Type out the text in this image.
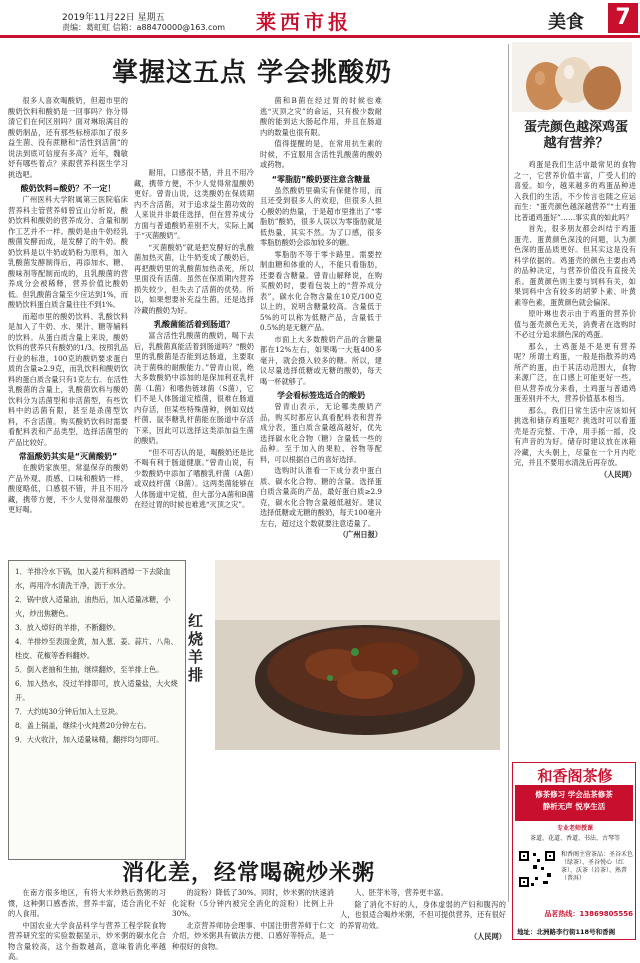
2019年11月22日 星期五
责编：葛虹虹 信箱：a88470000@163.com 莱西市报	美食	7
掌握这五点 学会挑酸奶

很多人喜欢喝酸奶，但超市里的酸奶饮料和酸奶是一回事吗？你分得清它们在何区别吗？面对琳琅满目的酸奶制品，还有那些标榜添加了很多益生菌、没有蔗糖和“活性到活菌”的说法到底可信度有多高？近年，魏敏妤有哪些着点？来跟营养科医生学习挑选吧。

酸奶饮料=酸奶？不一定！

广州医科大学附属第三医院临床营养科主管营养师曾宜山分析说，酸奶饮料和酸奶的营养成分、含量和制作工艺并不一样。酸奶是由牛奶经乳酸菌发酵而成，是发酵了的牛奶。酸奶饮料是以牛奶或奶粉为原料，加入乳酸菌发酵制得后，再添加水、糖、酸味剂等配制而成的，且乳酸菌的营养成分会被稀释，营养价值比酸奶低。但乳酸菌含量至少应达到1%，而酸奶饮料蛋白质含量往往不到1%。

而超市里的酸奶饮料、乳酸饮料是加入了牛奶、水、果汁、糖等辅料的饮料。从蛋白质含量上来说，酸奶饮料的营养只有酸奶的1/3。按照乳品行业的标准，100克的酸奶要求蛋白质的含量≥2.9克，而乳饮料和酸奶饮料的蛋白质含量只有1克左右。在活性乳酸菌的含量上，乳酸菌饮料与酸奶饮料分为活菌型和非活菌型，有些饮料中的活菌有限，甚至是杀菌型饮料，不含活菌。购买酸奶饮料时需要看配料表和产品类型，选择活菌型的产品比较好。

常温酸奶其实是“灭菌酸奶”

在酸奶家族里，常温保存的酸奶产品外观、质感、口味和酸奶一样，酸度略低，口感很不错，并且不用冷藏，携带方便，不少人觉得常温酸奶更好喝。

耐用，口感很不错，并且不用冷藏，携带方便，不少人觉得常温酸奶更好。曾青山说，这类酸奶在保质期内不含活菌，对于追求益生菌功效的人来说并非最佳选择，但在营养成分方面与普通酸奶差别不大，实际上属于“灭菌酸奶”。

“灭菌酸奶”就是把发酵好的乳酸菌加热灭菌，让牛奶变成了酸奶后，再把酸奶里的乳酸菌加热杀死，所以里面没有活菌。虽然在保质期内营养损失较少，但失去了活菌的优势。所以，如果想要补充益生菌，还是选择冷藏的酸奶为好。

乳酸菌能活着到肠道？

富含活性乳酸菌的酸奶，喝下去后，乳酸菌真能活着到肠道吗？“酸奶里的乳酸菌是否能到达肠道，主要取决于菌株的耐酸能力。”曾青山说，绝大多数酸奶中添加的是保加利亚乳杆菌（L菌）和嗜热链球菌（S菌），它们不是人体肠道定植菌，很难在肠道内存活，但某些特殊菌种，例如双歧杆菌、鼠李糖乳杆菌能在肠道中存活下来，因此可以选择这类添加益生菌的酸奶。

“但不可否认的是，喝酸奶还是比不喝有利于肠道健康。”曾青山说，有少数酸奶中添加了嗜酸乳杆菌（A菌）或双歧杆菌（B菌）。这两类菌能够在人体肠道中定植，但大部分A菌和B菌在经过胃的时候也难逃“灭顶之灾”。

菌和B菌在经过胃的时候也难逃“灭顶之灾”的命运，只有极少数耐酸的能到达大肠起作用，并且在肠道内的数量也很有限。

值得提醒的是，在常用抗生素的时候，不宜服用含活性乳酸菌的酸奶或药物。

“零脂肪”酸奶要注意含糖量

虽然酸奶里确实有保健作用，而且还受到很多人的欢迎，但很多人担心酸奶的热量，于是超市里推出了“零脂肪”酸奶，很多人误以为零脂肪就是低热量，其实不然。为了口感，很多零脂肪酸奶会添加较多的糖。

零脂肪不等于零卡路里。需要控制血糖和体重的人，不能只看脂肪，还要看含糖量。曾青山解释说，在购买酸奶时，要看包装上的“营养成分表”，碳水化合物含量在10克/100克以上的，说明含糖量较高。含量低于5%的可以称为低糖产品，含量低于0.5%的是无糖产品。

市面上大多数酸奶产品的含糖量都在12%左右，如果喝一大瓶400多毫升，就会摄入较多的糖。所以，建议尽量选择低糖或无糖的酸奶，每天喝一杯就够了。

学会看标签选适合的酸奶

曾青山表示，无论哪类酸奶产品，购买时都应认真看配料表和营养成分表，蛋白质含量越高越好，优先选择碳水化合物（糖）含量低一些的品种。至于加入的果粒、谷物等配料，可以根据自己的喜好选择。

选购时认准看一下成分表中蛋白质、碳水化合物、糖的含量。选择蛋白质含量高的产品，最好蛋白质≥2.9克，碳水化合物含量越低越好。建议选择低糖或无糖的酸奶，每天100毫升左右，超过这个数就要注意适量了。

（广州日报）

蛋壳颜色越深鸡蛋越有营养？

鸡蛋是我们生活中最常见的食物之一，它营养价值丰富，广受人们的喜爱。如今，越来越多的鸡蛋品种进入我们的生活，不少传言也随之应运而生：“蛋壳颜色越深越营养”“土鸡蛋比普通鸡蛋好”……事实真的如此吗？

首先，很多朋友都会纠结于鸡蛋蛋壳、蛋黄颜色深浅的问题，认为颜色深的蛋品质更好。但其实这是没有科学依据的。鸡蛋壳的颜色主要由鸡的品种决定，与营养价值没有直接关系。蛋黄颜色则主要与饲料有关，如果饲料中含有较多的胡萝卜素、叶黄素等色素，蛋黄颜色就会偏深。

原叶琳也表示由于鸡蛋的营养价值与蛋壳颜色无关，消费者在选购时不必过分追求颜色深的鸡蛋。

那么，土鸡蛋是不是更有营养呢？所谓土鸡蛋，一般是指散养的鸡所产的蛋，由于其活动范围大，食物来源广泛，在口感上可能更好一些。但从营养成分来看，土鸡蛋与普通鸡蛋差别并不大，营养价值基本相当。

那么，我们日常生活中应该如何挑选和储存鸡蛋呢？挑选时可以看蛋壳是否完整、干净，用手摇一摇，没有声音的为好。储存时建议放在冰箱冷藏，大头朝上，尽量在一个月内吃完，并且不要用水清洗后再存放。

（人民网）

1．羊排冷水下锅，加入姜片和料酒焯一下去除血水，再用冷水清洗干净，沥干水分。
2．锅中放入适量油，油热后，加入适量冰糖，小火，炒出焦糖色。
3．放入焯好的羊排，不断翻炒。
4．羊排炒至表面金黄，加入葱、姜、蒜片、八角、桂皮、花椒等香料翻炒。
5．倒入老抽和生抽，继续翻炒，至羊排上色。
6．加入热水，没过羊排即可，放入适量盐，大火烧开。
7．大约炖30分钟后加入土豆块。
8．盖上锅盖，继续小火炖煮20分钟左右。
9．大火收汁，加入适量味精，翻拌均匀即可。
红烧羊排
消化差，经常喝碗炒米粥

在南方很多地区，有将大米炒熟后熬粥的习惯，这种粥口感香浓，营养丰富，适合消化不好的人食用。

中国农业大学食品科学与营养工程学院食物营养研究室的实验数据显示，炒米粥的碳水化合物含量较高，这个指数越高，意味着消化率越高。

的淀粉）降低了30%。同时，炒米粥的快速消化淀粉（5分钟内被完全消化的淀粉）比例上升30%。

北京营养师协会理事、中国注册营养师于仁文介绍，炒米粥具有做法方便、口感好等特点，是一种很好的食物。

人、胚芽米等，营养更丰富。

除了消化不好的人，身体虚弱的产妇和腹泻的人，也很适合喝炒米粥，不但可提供营养，还有很好的养胃功效。

（人民网）

和香阁茶修
修茶修习 学会品茶修茶
静析无声 悦享生活
专业老师授课
茶道、花道、香道、书法、古琴等
和香阁主营茶品：圣谷禾色（绿茶）、圣谷悦心（红茶）、沃茶（岩茶）、熟普（普洱）
品茗热线：13869805556
地址：北洲路李行街118号和香阁
